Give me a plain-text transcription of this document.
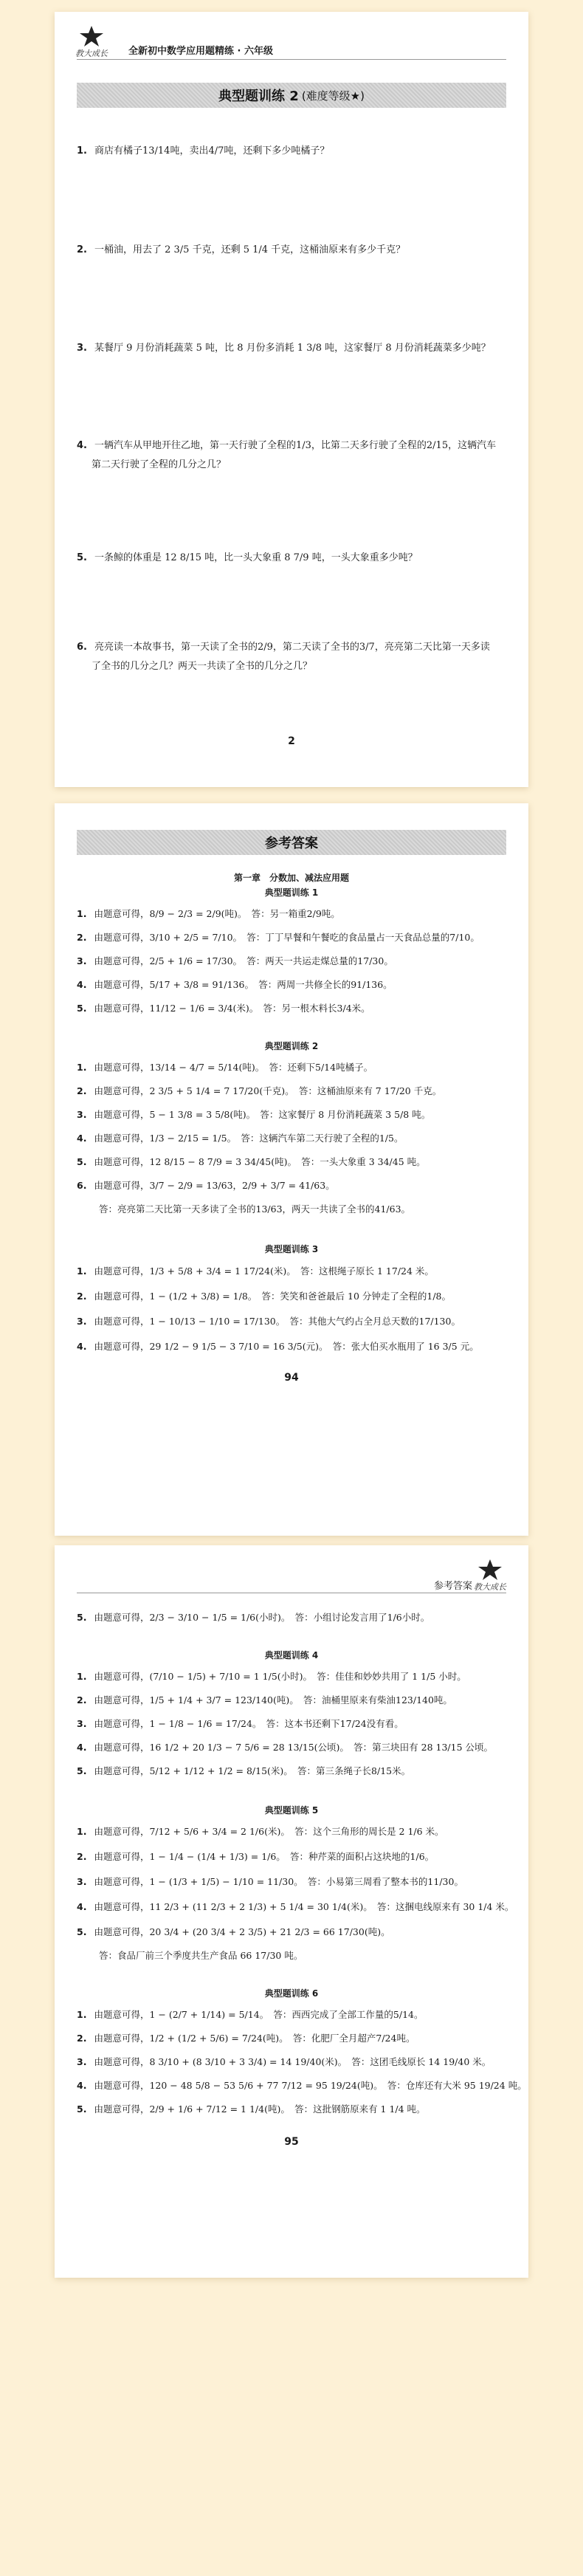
教大成长 全新初中数学应用题精练 · 六年级
典型题训练 2 (难度等级★)
1. 商店有橘子13/14吨，卖出4/7吨，还剩下多少吨橘子？
2. 一桶油，用去了 2 3/5 千克，还剩 5 1/4 千克，这桶油原来有多少千克？
3. 某餐厅 9 月份消耗蔬菜 5 吨，比 8 月份多消耗 1 3/8 吨，这家餐厅 8 月份消耗蔬菜多少吨？
4. 一辆汽车从甲地开往乙地，第一天行驶了全程的1/3，比第二天多行驶了全程的2/15，这辆汽车
第二天行驶了全程的几分之几？
5. 一条鲸的体重是 12 8/15 吨，比一头大象重 8 7/9 吨，一头大象重多少吨？
6. 亮亮读一本故事书，第一天读了全书的2/9，第二天读了全书的3/7，亮亮第二天比第一天多读
了全书的几分之几？两天一共读了全书的几分之几？
2
参考答案
第一章　分数加、减法应用题
典型题训练 1
1. 由题意可得，8/9 − 2/3 = 2/9(吨)。　答：另一箱重2/9吨。
2. 由题意可得，3/10 + 2/5 = 7/10。　答：丁丁早餐和午餐吃的食品量占一天食品总量的7/10。
3. 由题意可得，2/5 + 1/6 = 17/30。　答：两天一共运走煤总量的17/30。
4. 由题意可得，5/17 + 3/8 = 91/136。　答：两周一共修全长的91/136。
5. 由题意可得，11/12 − 1/6 = 3/4(米)。　答：另一根木料长3/4米。
典型题训练 2
1. 由题意可得，13/14 − 4/7 = 5/14(吨)。　答：还剩下5/14吨橘子。
2. 由题意可得，2 3/5 + 5 1/4 = 7 17/20(千克)。　答：这桶油原来有 7 17/20 千克。
3. 由题意可得，5 − 1 3/8 = 3 5/8(吨)。　答：这家餐厅 8 月份消耗蔬菜 3 5/8 吨。
4. 由题意可得，1/3 − 2/15 = 1/5。　答：这辆汽车第二天行驶了全程的1/5。
5. 由题意可得，12 8/15 − 8 7/9 = 3 34/45(吨)。　答：一头大象重 3 34/45 吨。
6. 由题意可得，3/7 − 2/9 = 13/63，2/9 + 3/7 = 41/63。
答：亮亮第二天比第一天多读了全书的13/63，两天一共读了全书的41/63。
典型题训练 3
1. 由题意可得，1/3 + 5/8 + 3/4 = 1 17/24(米)。　答：这根绳子原长 1 17/24 米。
2. 由题意可得，1 − (1/2 + 3/8) = 1/8。　答：笑笑和爸爸最后 10 分钟走了全程的1/8。
3. 由题意可得，1 − 10/13 − 1/10 = 17/130。　答：其他大气约占全月总天数的17/130。
4. 由题意可得，29 1/2 − 9 1/5 − 3 7/10 = 16 3/5(元)。　答：张大伯买水瓶用了 16 3/5 元。
94
教大成长
参考答案
5. 由题意可得，2/3 − 3/10 − 1/5 = 1/6(小时)。　答：小组讨论发言用了1/6小时。
典型题训练 4
1. 由题意可得，(7/10 − 1/5) + 7/10 = 1 1/5(小时)。　答：佳佳和妙妙共用了 1 1/5 小时。
2. 由题意可得，1/5 + 1/4 + 3/7 = 123/140(吨)。　答：油桶里原来有柴油123/140吨。
3. 由题意可得，1 − 1/8 − 1/6 = 17/24。　答：这本书还剩下17/24没有看。
4. 由题意可得，16 1/2 + 20 1/3 − 7 5/6 = 28 13/15(公顷)。　答：第三块田有 28 13/15 公顷。
5. 由题意可得，5/12 + 1/12 + 1/2 = 8/15(米)。　答：第三条绳子长8/15米。
典型题训练 5
1. 由题意可得，7/12 + 5/6 + 3/4 = 2 1/6(米)。　答：这个三角形的周长是 2 1/6 米。
2. 由题意可得，1 − 1/4 − (1/4 + 1/3) = 1/6。　答：种芹菜的面积占这块地的1/6。
3. 由题意可得，1 − (1/3 + 1/5) − 1/10 = 11/30。　答：小易第三周看了整本书的11/30。
4. 由题意可得，11 2/3 + (11 2/3 + 2 1/3) + 5 1/4 = 30 1/4(米)。　答：这捆电线原来有 30 1/4 米。
5. 由题意可得，20 3/4 + (20 3/4 + 2 3/5) + 21 2/3 = 66 17/30(吨)。
答：食品厂前三个季度共生产食品 66 17/30 吨。
典型题训练 6
1. 由题意可得，1 − (2/7 + 1/14) = 5/14。　答：西西完成了全部工作量的5/14。
2. 由题意可得，1/2 + (1/2 + 5/6) = 7/24(吨)。　答：化肥厂全月超产7/24吨。
3. 由题意可得，8 3/10 + (8 3/10 + 3 3/4) = 14 19/40(米)。　答：这团毛线原长 14 19/40 米。
4. 由题意可得，120 − 48 5/8 − 53 5/6 + 77 7/12 = 95 19/24(吨)。　答：仓库还有大米 95 19/24 吨。
5. 由题意可得，2/9 + 1/6 + 7/12 = 1 1/4(吨)。　答：这批钢筋原来有 1 1/4 吨。
95
